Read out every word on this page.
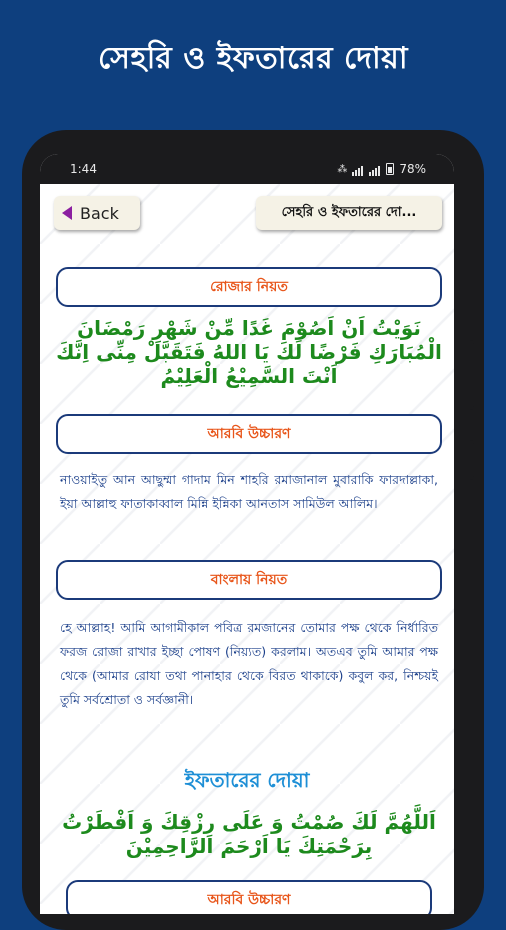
সেহরি ও ইফতারের দোয়া
1:44	⁂	78%
Back	সেহরি ও ইফতারের দো...
রোজার নিয়ত
نَوَيْتُ اَنْ اَصُوْمَ غَدًا مِّنْ شَهْرِ رَمْضَانَ الْمُبَارَكِ فَرْضًا لَكَ يَا اللهُ فَتَقَبَّلْ مِنِّى اِنَّكَ اَنْتَ السَّمِيْعُ الْعَلِيْمُ
আরবি উচ্চারণ
নাওয়াইতু আন আছুম্মা গাদাম মিন শাহরি রমাজানাল মুবারাকি ফারদাল্লাকা, ইয়া আল্লাহু ফাতাকাব্বাল মিন্নি ইন্নিকা আনতাস সামিউল আলিম।
বাংলায় নিয়ত
হে আল্লাহ! আমি আগামীকাল পবিত্র রমজানের তোমার পক্ষ থেকে নির্ধারিত ফরজ রোজা রাখার ইচ্ছা পোষণ (নিয়্যত) করলাম। অতএব তুমি আমার পক্ষ থেকে (আমার রোযা তথা পানাহার থেকে বিরত থাকাকে) কবুল কর, নিশ্চয়ই তুমি সর্বশ্রোতা ও সর্বজ্ঞানী।
ইফতারের দোয়া
اَللَّهُمَّ لَكَ صُمْتُ وَ عَلَى رِزْقِكَ وَ اَفْطَرْتُ بِرَحْمَتِكَ يَا اَرْحَمَ الرَّاحِمِيْنَ
আরবি উচ্চারণ
